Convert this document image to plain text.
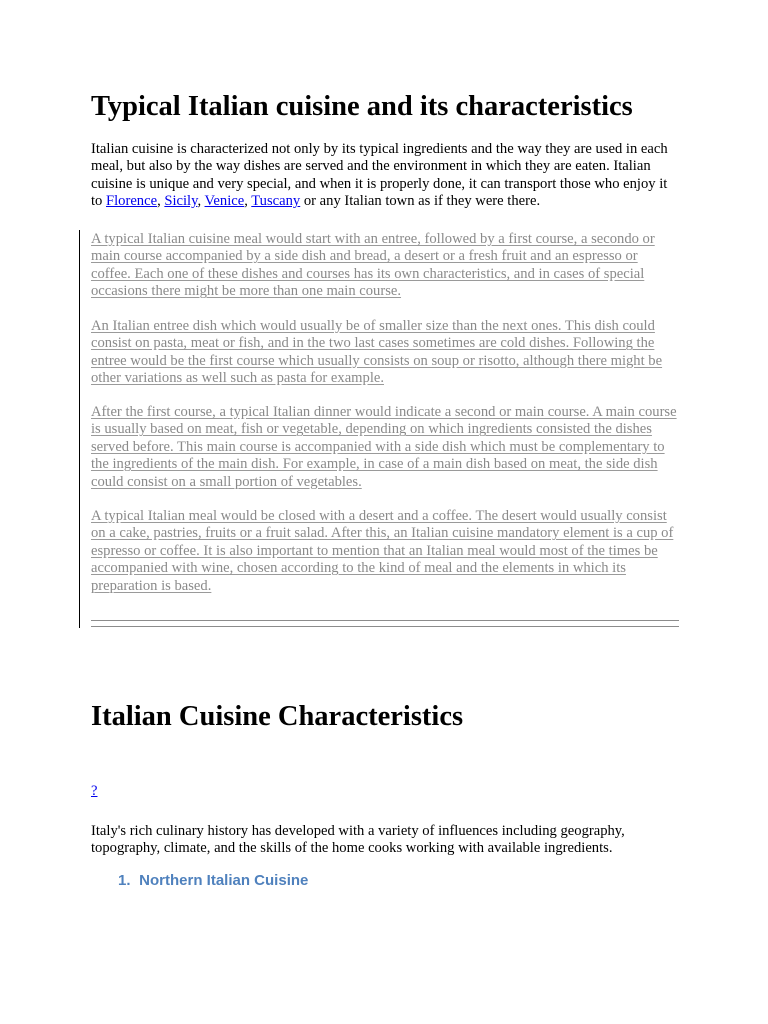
Typical Italian cuisine and its characteristics

Italian cuisine is characterized not only by its typical ingredients and the way they are used in each meal, but also by the way dishes are served and the environment in which they are eaten. Italian cuisine is unique and very special, and when it is properly done, it can transport those who enjoy it to Florence, Sicily, Venice, Tuscany or any Italian town as if they were there.

A typical Italian cuisine meal would start with an entree, followed by a first course, a secondo or main course accompanied by a side dish and bread, a desert or a fresh fruit and an espresso or coffee. Each one of these dishes and courses has its own characteristics, and in cases of special occasions there might be more than one main course.

An Italian entree dish which would usually be of smaller size than the next ones. This dish could consist on pasta, meat or fish, and in the two last cases sometimes are cold dishes. Following the entree would be the first course which usually consists on soup or risotto, although there might be other variations as well such as pasta for example.

After the first course, a typical Italian dinner would indicate a second or main course. A main course is usually based on meat, fish or vegetable, depending on which ingredients consisted the dishes served before. This main course is accompanied with a side dish which must be complementary to the ingredients of the main dish. For example, in case of a main dish based on meat, the side dish could consist on a small portion of vegetables.

A typical Italian meal would be closed with a desert and a coffee. The desert would usually consist on a cake, pastries, fruits or a fruit salad. After this, an Italian cuisine mandatory element is a cup of espresso or coffee. It is also important to mention that an Italian meal would most of the times be accompanied with wine, chosen according to the kind of meal and the elements in which its preparation is based.

Italian Cuisine Characteristics
?

Italy's rich culinary history has developed with a variety of influences including geography, topography, climate, and the skills of the home cooks working with available ingredients.

1. Northern Italian Cuisine
